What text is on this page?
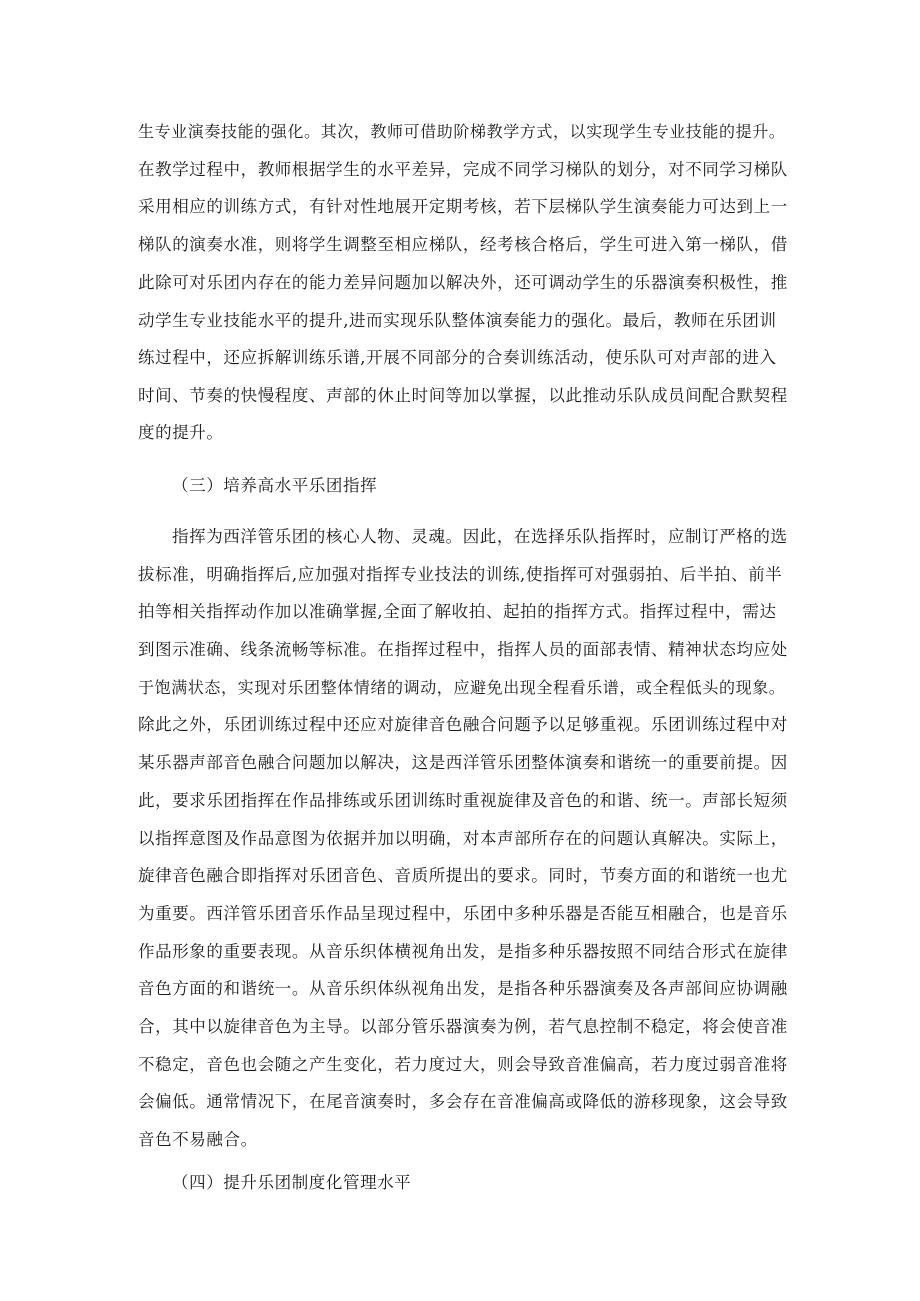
生专业演奏技能的强化。其次，教师可借助阶梯教学方式，以实现学生专业技能的提升。
在教学过程中，教师根据学生的水平差异，完成不同学习梯队的划分，对不同学习梯队
采用相应的训练方式，有针对性地展开定期考核，若下层梯队学生演奏能力可达到上一
梯队的演奏水准，则将学生调整至相应梯队，经考核合格后，学生可进入第一梯队，借
此除可对乐团内存在的能力差异问题加以解决外，还可调动学生的乐器演奏积极性，推
动学生专业技能水平的提升,进而实现乐队整体演奏能力的强化。最后，教师在乐团训
练过程中，还应拆解训练乐谱,开展不同部分的合奏训练活动，使乐队可对声部的进入
时间、节奏的快慢程度、声部的休止时间等加以掌握，以此推动乐队成员间配合默契程
度的提升。
（三）培养高水平乐团指挥
指挥为西洋管乐团的核心人物、灵魂。因此，在选择乐队指挥时，应制订严格的选
拔标准，明确指挥后,应加强对指挥专业技法的训练,使指挥可对强弱拍、后半拍、前半
拍等相关指挥动作加以准确掌握,全面了解收拍、起拍的指挥方式。指挥过程中，需达
到图示准确、线条流畅等标准。在指挥过程中，指挥人员的面部表情、精神状态均应处
于饱满状态，实现对乐团整体情绪的调动，应避免出现全程看乐谱，或全程低头的现象。
除此之外，乐团训练过程中还应对旋律音色融合问题予以足够重视。乐团训练过程中对
某乐器声部音色融合问题加以解决，这是西洋管乐团整体演奏和谐统一的重要前提。因
此，要求乐团指挥在作品排练或乐团训练时重视旋律及音色的和谐、统一。声部长短须
以指挥意图及作品意图为依据并加以明确，对本声部所存在的问题认真解决。实际上，
旋律音色融合即指挥对乐团音色、音质所提出的要求。同时，节奏方面的和谐统一也尤
为重要。西洋管乐团音乐作品呈现过程中，乐团中多种乐器是否能互相融合，也是音乐
作品形象的重要表现。从音乐织体横视角出发，是指多种乐器按照不同结合形式在旋律
音色方面的和谐统一。从音乐织体纵视角出发，是指各种乐器演奏及各声部间应协调融
合，其中以旋律音色为主导。以部分管乐器演奏为例，若气息控制不稳定，将会使音准
不稳定，音色也会随之产生变化，若力度过大，则会导致音准偏高，若力度过弱音准将
会偏低。通常情况下，在尾音演奏时，多会存在音准偏高或降低的游移现象，这会导致
音色不易融合。
（四）提升乐团制度化管理水平
